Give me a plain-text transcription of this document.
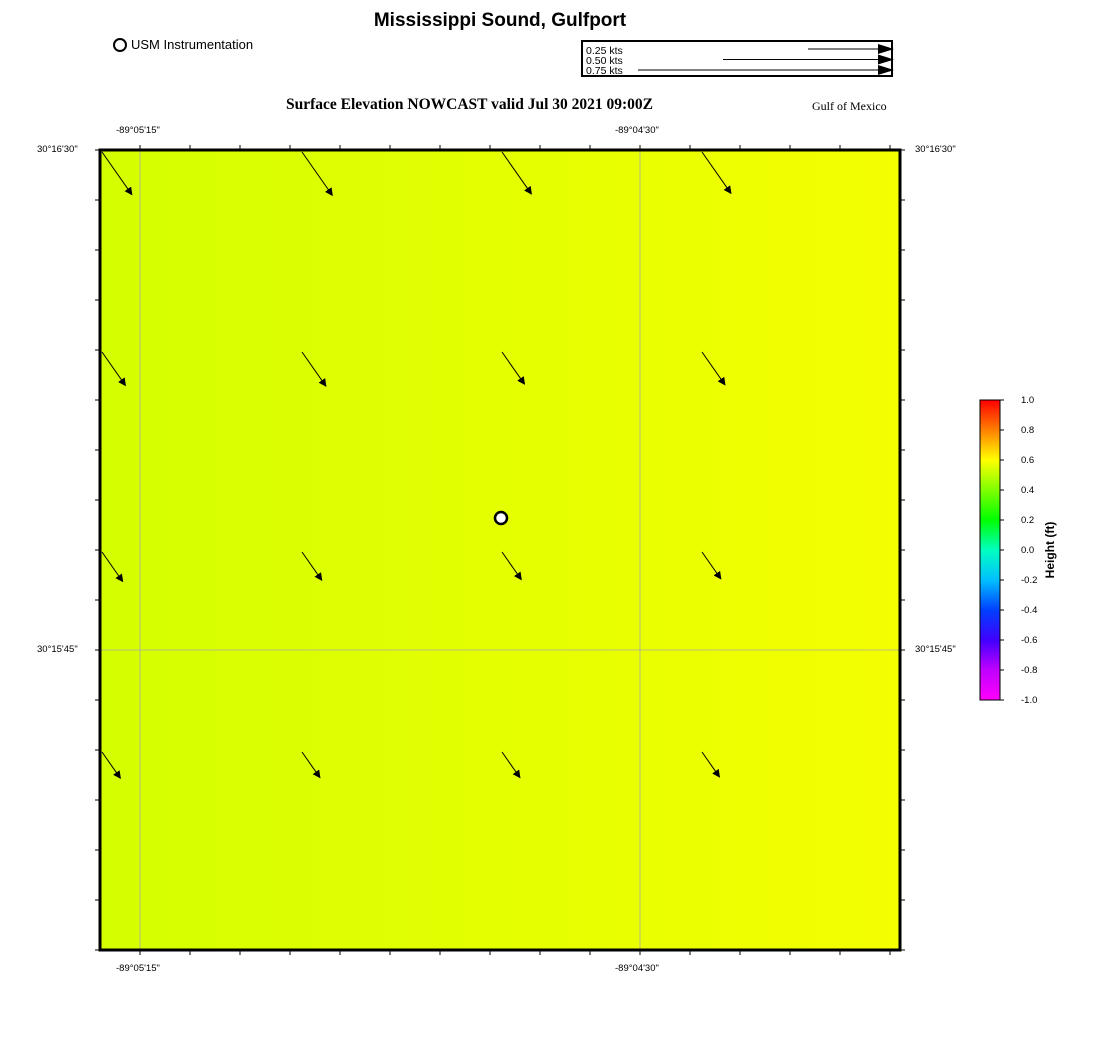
Mississippi Sound, Gulfport
USM Instrumentation	0.25 kts
0.50 kts
0.75 kts
Surface Elevation NOWCAST valid Jul 30 2021 09:00Z	Gulf of Mexico
-89°05'15"	-89°04'30"
-89°05'15"	-89°04'30"
30°16'30"
30°15'45"
30°16'30"
30°15'45"
1.0
0.8
0.6
0.4
0.2
0.0
-0.2
-0.4
-0.6
-0.8
-1.0
Height (ft)
